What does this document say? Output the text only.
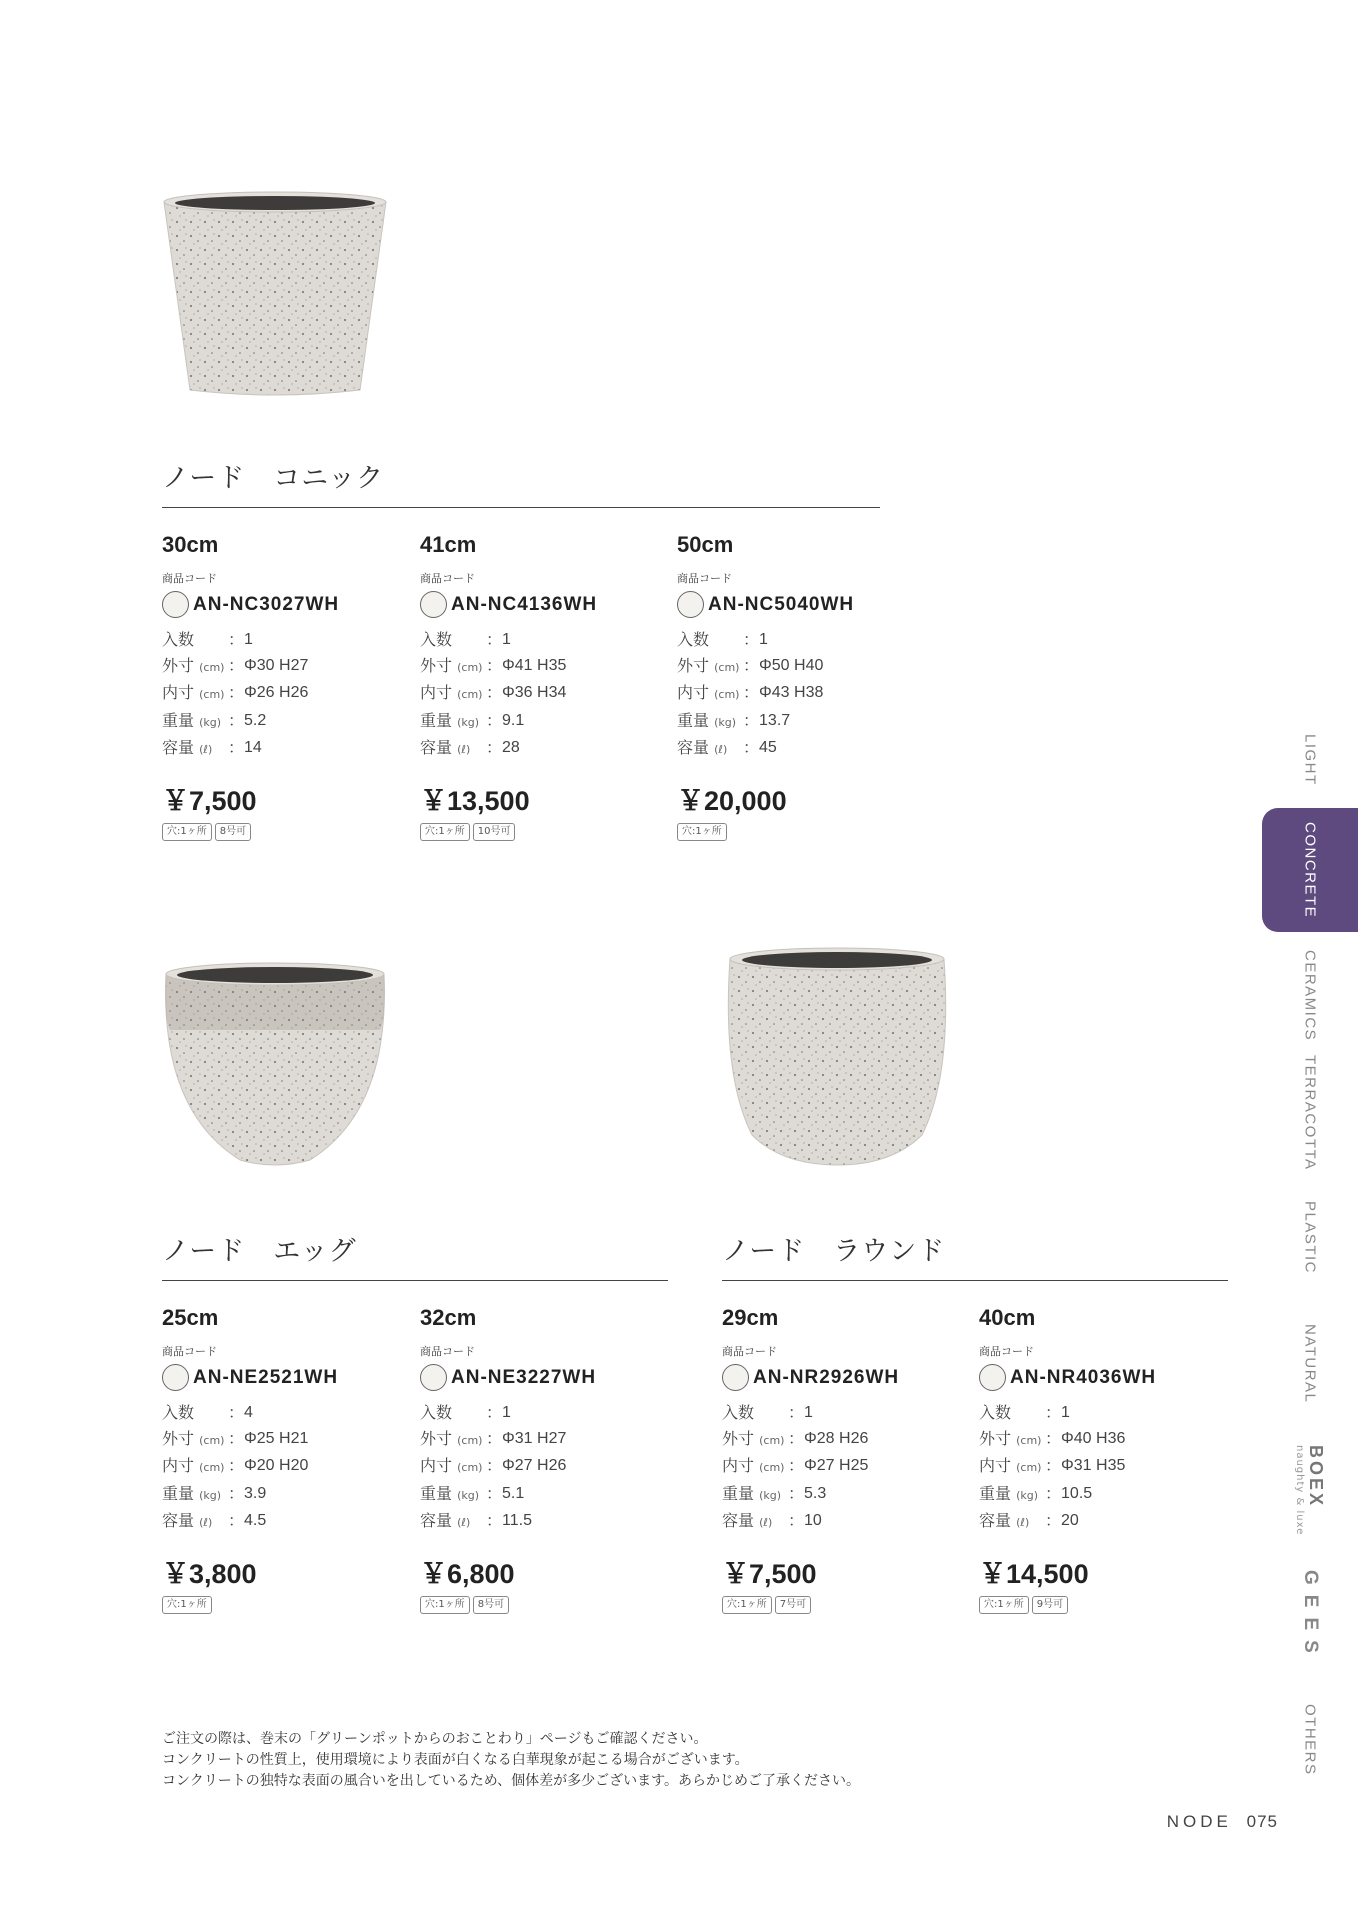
ノード　コニック
ノード　エッグ	ノード　ラウンド
30cm
商品コード
AN-NC3027WH
入数	： 1
外寸 (cm) ： Φ30 H27
内寸 (cm) ： Φ26 H26
重量 (kg) ： 5.2
容量 (ℓ) ： 14
￥7,500
穴:1ヶ所	8号可
41cm
商品コード
AN-NC4136WH
入数	： 1
外寸 (cm) ： Φ41 H35
内寸 (cm) ： Φ36 H34
重量 (kg) ： 9.1
容量 (ℓ) ： 28
￥13,500
穴:1ヶ所	10号可
50cm
商品コード
AN-NC5040WH
入数	： 1
外寸 (cm) ： Φ50 H40
内寸 (cm) ： Φ43 H38
重量 (kg) ： 13.7
容量 (ℓ) ： 45
￥20,000
穴:1ヶ所
25cm
商品コード
AN-NE2521WH
入数	： 4
外寸 (cm) ： Φ25 H21
内寸 (cm) ： Φ20 H20
重量 (kg) ： 3.9
容量 (ℓ) ： 4.5
￥3,800
穴:1ヶ所
32cm
商品コード
AN-NE3227WH
入数	： 1
外寸 (cm) ： Φ31 H27
内寸 (cm) ： Φ27 H26
重量 (kg) ： 5.1
容量 (ℓ) ： 11.5
￥6,800
穴:1ヶ所	8号可
29cm
商品コード
AN-NR2926WH
入数	： 1
外寸 (cm) ： Φ28 H26
内寸 (cm) ： Φ27 H25
重量 (kg) ： 5.3
容量 (ℓ) ： 10
￥7,500
穴:1ヶ所	7号可
40cm
商品コード
AN-NR4036WH
入数	： 1
外寸 (cm) ： Φ40 H36
内寸 (cm) ： Φ31 H35
重量 (kg) ： 10.5
容量 (ℓ) ： 20
￥14,500
穴:1ヶ所	9号可
LIGHT
CONCRETE
CERAMICS
TERRACOTTA
PLASTIC
NATURAL
BOEX
naughty & luxe
GEES
OTHERS
ご注文の際は、巻末の「グリーンポットからのおことわり」ページもご確認ください。
コンクリートの性質上，使用環境により表面が白くなる白華現象が起こる場合がございます。
コンクリートの独特な表面の風合いを出しているため、個体差が多少ございます。あらかじめご了承ください。
NODE 075
